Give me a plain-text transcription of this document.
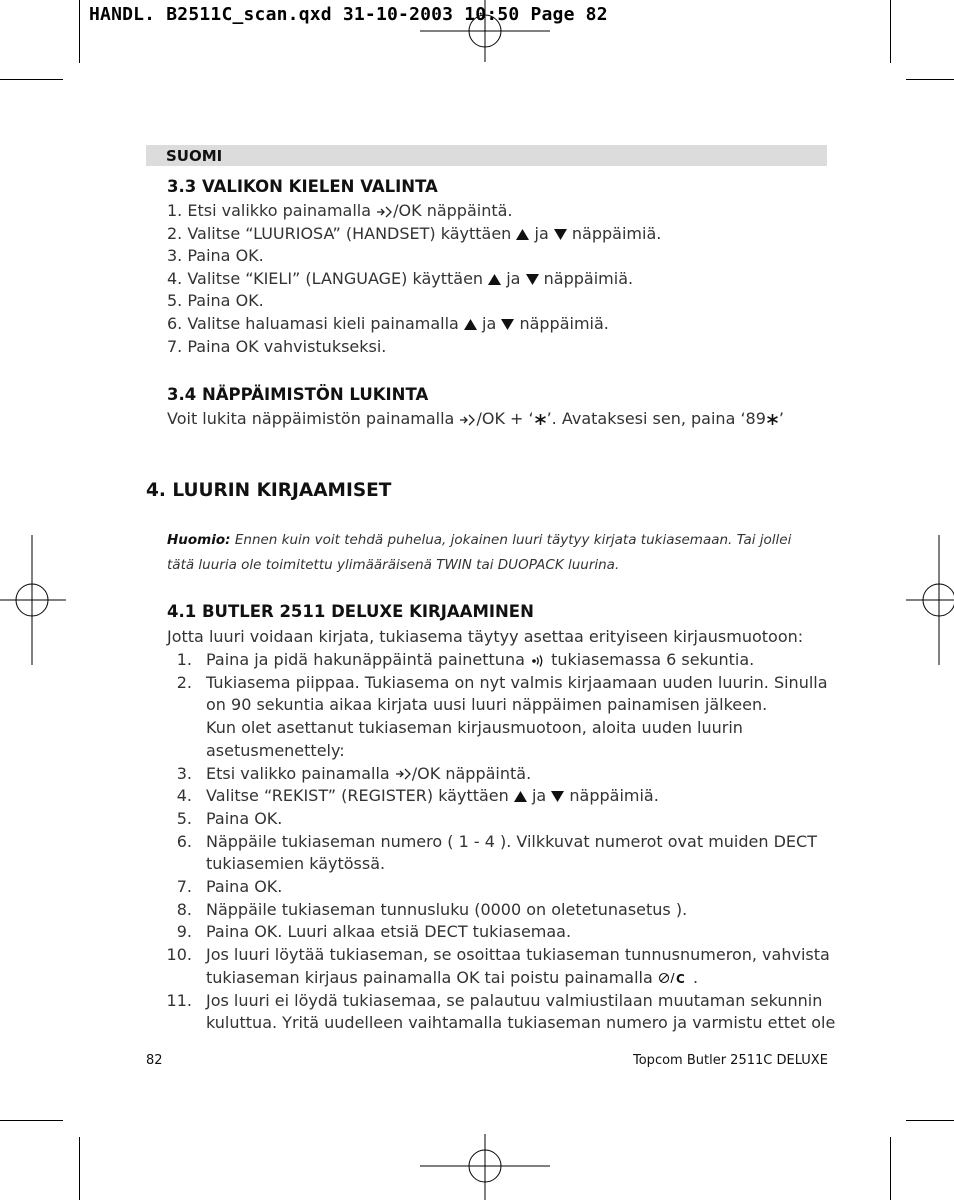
HANDL. B2511C_scan.qxd 31-10-2003 10:50 Page 82
SUOMI
3.3 VALIKON KIELEN VALINTA
1. Etsi valikko painamalla /OK näppäintä.
2. Valitse “LUURIOSA” (HANDSET) käyttäen  ja  näppäimiä.
3. Paina OK.
4. Valitse “KIELI” (LANGUAGE) käyttäen  ja  näppäimiä.
5. Paina OK.
6. Valitse haluamasi kieli painamalla  ja  näppäimiä.
7. Paina OK vahvistukseksi.
3.4 NÄPPÄIMISTÖN LUKINTA
Voit lukita näppäimistön painamalla /OK + ‘ ’. Avataksesi sen, paina ‘89 ’
4. LUURIN KIRJAAMISET
Huomio: Ennen kuin voit tehdä puhelua, jokainen luuri täytyy kirjata tukiasemaan. Tai jollei
tätä luuria ole toimitettu ylimääräisenä TWIN tai DUOPACK luurina.
4.1 BUTLER 2511 DELUXE KIRJAAMINEN
Jotta luuri voidaan kirjata, tukiasema täytyy asettaa erityiseen kirjausmuotoon:
1. Paina ja pidä hakunäppäintä painettuna  tukiasemassa 6 sekuntia.
2. Tukiasema piippaa. Tukiasema on nyt valmis kirjaamaan uuden luurin. Sinulla
on 90 sekuntia aikaa kirjata uusi luuri näppäimen painamisen jälkeen.
Kun olet asettanut tukiaseman kirjausmuotoon, aloita uuden luurin
asetusmenettely:
3. Etsi valikko painamalla /OK näppäintä.
4. Valitse “REKIST” (REGISTER) käyttäen  ja  näppäimiä.
5. Paina OK.
6. Näppäile tukiaseman numero ( 1 - 4 ). Vilkkuvat numerot ovat muiden DECT
tukiasemien käytössä.
7. Paina OK.
8. Näppäile tukiaseman tunnusluku (0000 on oletetunasetus ).
9. Paina OK. Luuri alkaa etsiä DECT tukiasemaa.
10. Jos luuri löytää tukiaseman, se osoittaa tukiaseman tunnusnumeron, vahvista
tukiaseman kirjaus painamalla OK tai poistu painamalla C .
11. Jos luuri ei löydä tukiasemaa, se palautuu valmiustilaan muutaman sekunnin
kuluttua. Yritä uudelleen vaihtamalla tukiaseman numero ja varmistu ettet ole
82	Topcom Butler 2511C DELUXE
